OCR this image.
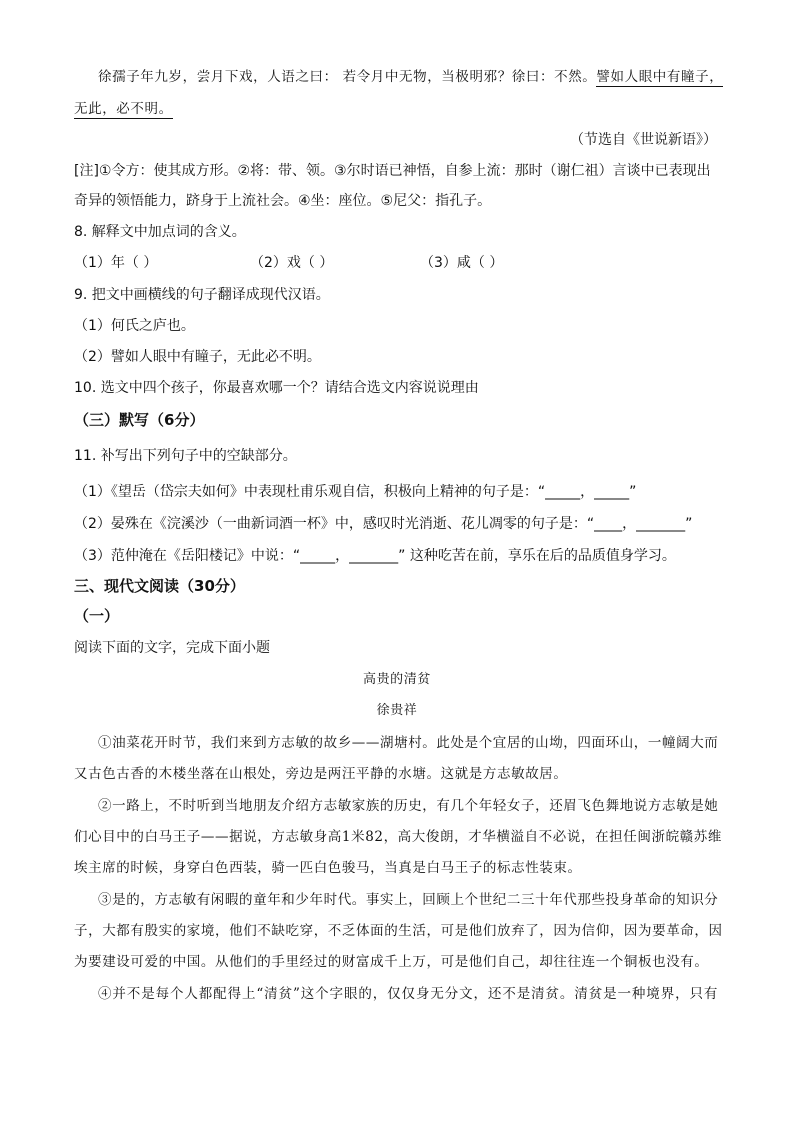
徐孺子年九岁，尝月下戏，人语之曰： 若令月中无物，当极明邪？徐曰：不然。譬如人眼中有瞳子，
无此，必不明。
（节选自《世说新语》）
[注]①令方：使其成方形。②将：带、领。③尔时语已神悟，自参上流：那时（谢仁祖）言谈中已表现出
奇异的领悟能力，跻身于上流社会。④坐：座位。⑤尼父：指孔子。
8. 解释文中加点词的含义。
（1）年（ ）	（2）戏（ ）	（3）咸（ ）
9. 把文中画横线的句子翻译成现代汉语。
（1）何氏之庐也。
（2）譬如人眼中有瞳子，无此必不明。
10. 选文中四个孩子，你最喜欢哪一个？请结合选文内容说说理由
（三）默写（6分）
11. 补写出下列句子中的空缺部分。
（1）《望岳（岱宗夫如何》中表现杜甫乐观自信，积极向上精神的句子是：“_____，_____”
（2）晏殊在《浣溪沙（一曲新词酒一杯》中，感叹时光消逝、花儿凋零的句子是：“____，_______”
（3）范仲淹在《岳阳楼记》中说：“_____，_______” 这种吃苦在前，享乐在后的品质值身学习。
三、现代文阅读（30分）
（一）
阅读下面的文字，完成下面小题
高贵的清贫
徐贵祥
①油菜花开时节，我们来到方志敏的故乡——湖塘村。此处是个宜居的山坳，四面环山，一幢阔大而
又古色古香的木楼坐落在山根处，旁边是两汪平静的水塘。这就是方志敏故居。
②一路上，不时听到当地朋友介绍方志敏家族的历史，有几个年轻女子，还眉飞色舞地说方志敏是她
们心目中的白马王子——据说，方志敏身高1米82，高大俊朗，才华横溢自不必说，在担任闽浙皖赣苏维
埃主席的时候，身穿白色西装，骑一匹白色骏马，当真是白马王子的标志性装束。
③是的，方志敏有闲暇的童年和少年时代。事实上，回顾上个世纪二三十年代那些投身革命的知识分
子，大都有殷实的家境，他们不缺吃穿，不乏体面的生活，可是他们放弃了，因为信仰，因为要革命，因
为要建设可爱的中国。从他们的手里经过的财富成千上万，可是他们自己，却往往连一个铜板也没有。
④并不是每个人都配得上“清贫”这个字眼的，仅仅身无分文，还不是清贫。清贫是一种境界，只有
